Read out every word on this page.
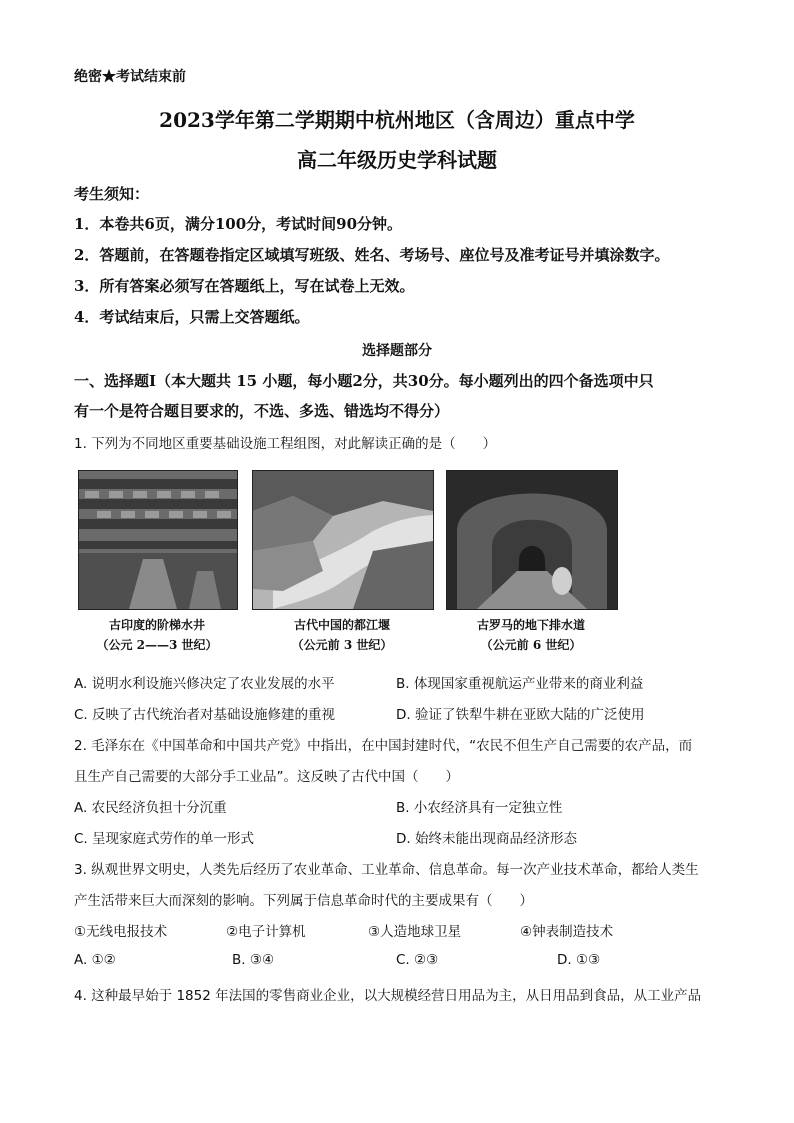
绝密★考试结束前
2023学年第二学期期中杭州地区（含周边）重点中学
高二年级历史学科试题
考生须知：
1．本卷共6页，满分100分，考试时间90分钟。
2．答题前，在答题卷指定区域填写班级、姓名、考场号、座位号及准考证号并填涂数字。
3．所有答案必须写在答题纸上，写在试卷上无效。
4．考试结束后，只需上交答题纸。
选择题部分
一、选择题Ⅰ（本大题共 15 小题，每小题2分，共30分。每小题列出的四个备选项中只
有一个是符合题目要求的，不选、多选、错选均不得分）
1. 下列为不同地区重要基础设施工程组图，对此解读正确的是（　　）
古印度的阶梯水井
（公元 2——3 世纪）
古代中国的都江堰
（公元前 3 世纪）
古罗马的地下排水道
（公元前 6 世纪）
A. 说明水利设施兴修决定了农业发展的水平	B. 体现国家重视航运产业带来的商业利益
C. 反映了古代统治者对基础设施修建的重视	D. 验证了铁犁牛耕在亚欧大陆的广泛使用
2. 毛泽东在《中国革命和中国共产党》中指出，在中国封建时代，“农民不但生产自己需要的农产品，而
且生产自己需要的大部分手工业品”。这反映了古代中国（　　）
A. 农民经济负担十分沉重	B. 小农经济具有一定独立性
C. 呈现家庭式劳作的单一形式	D. 始终未能出现商品经济形态
3. 纵观世界文明史，人类先后经历了农业革命、工业革命、信息革命。每一次产业技术革命，都给人类生
产生活带来巨大而深刻的影响。下列属于信息革命时代的主要成果有（　　）
①无线电报技术	②电子计算机	③人造地球卫星	④钟表制造技术
A. ①②	B. ③④	C. ②③	D. ①③
4. 这种最早始于 1852 年法国的零售商业企业，以大规模经营日用品为主，从日用品到食品，从工业产品
